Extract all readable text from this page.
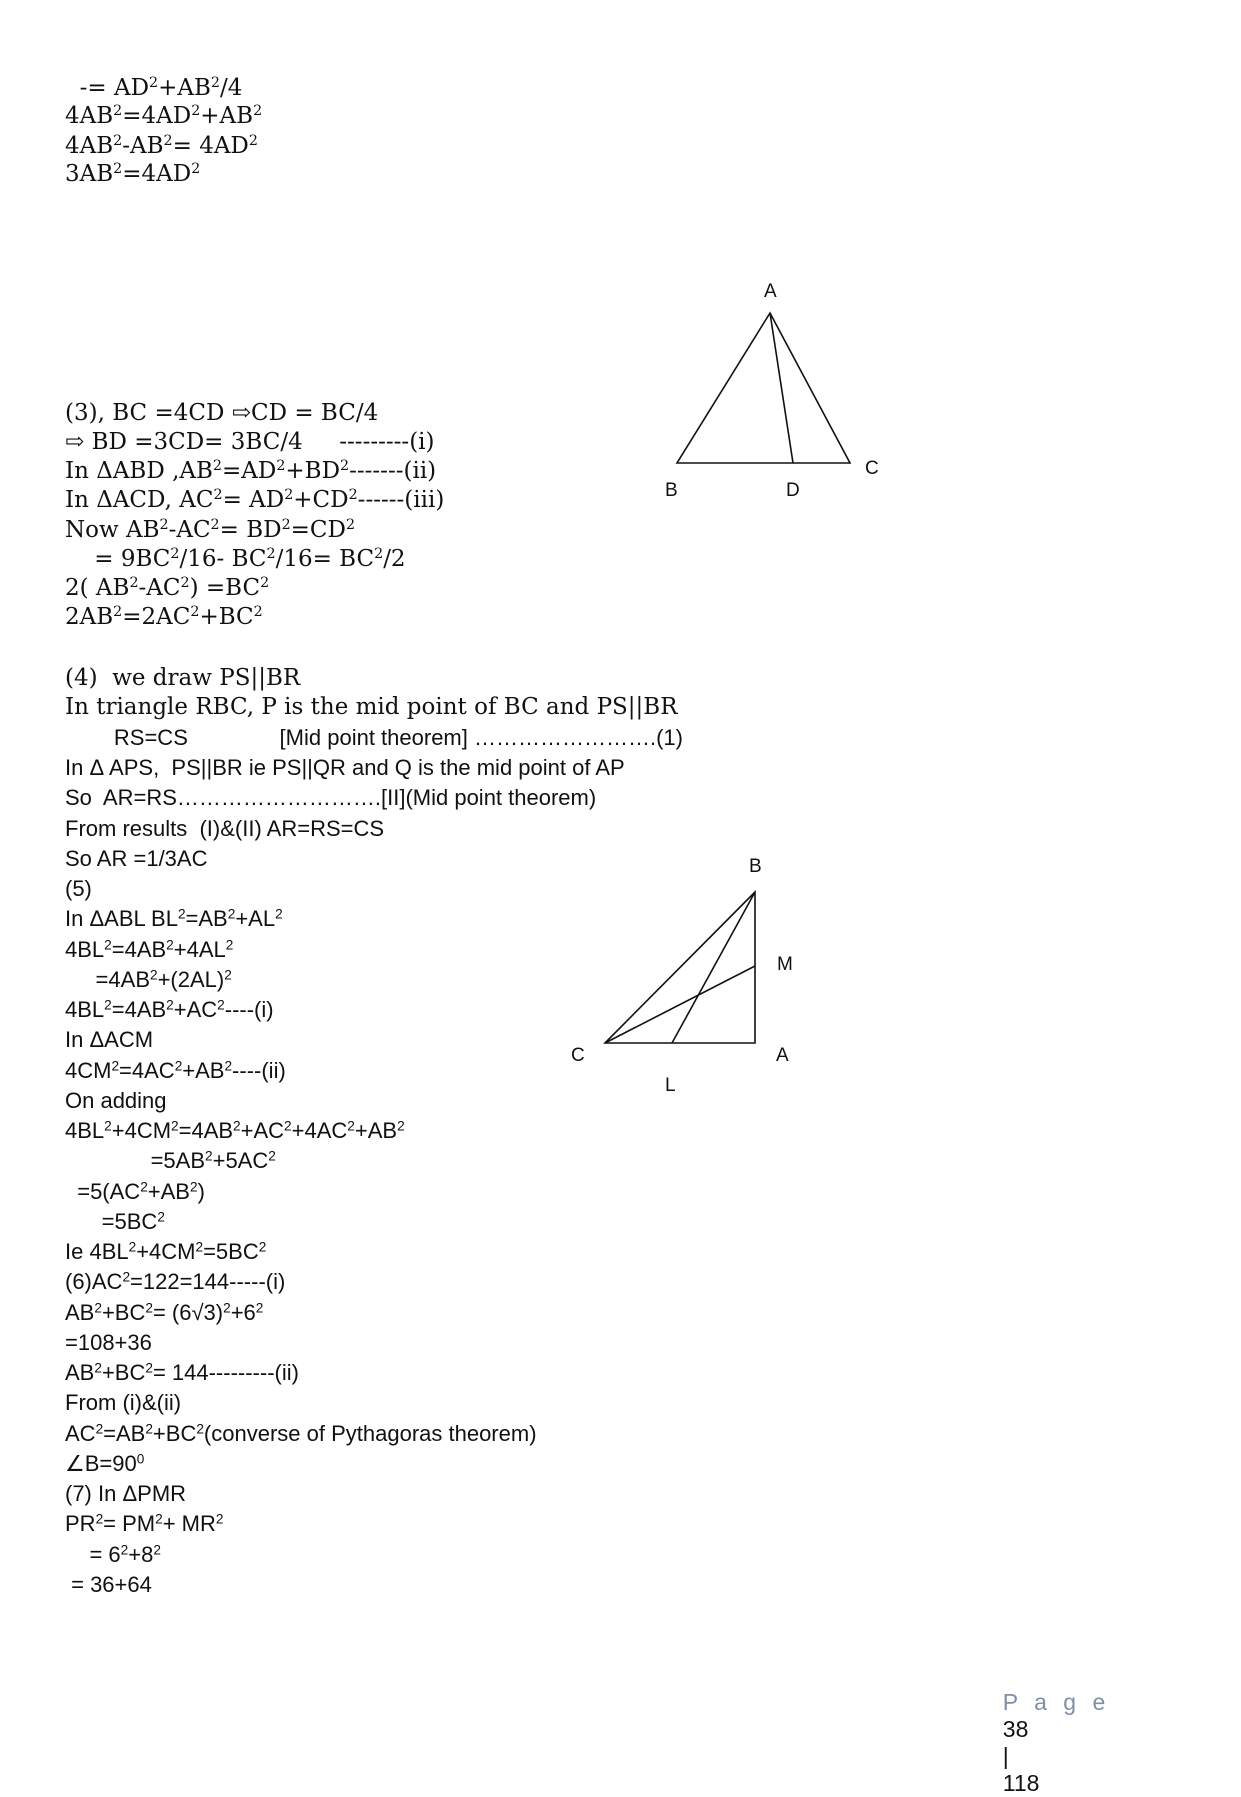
-= $AD^2+AB^2/4$
$4AB^2=4AD^2+AB^2$
$4AB^2-AB^2= 4AD^2$
$3AB^2=4AD^2$
(3), BC =4CD ⇨CD = BC/4
⇨ BD =3CD= 3BC/4     ---------(i)
In ΔABD $,AB^2=AD^2+BD^2-------(ii)$
In ΔACD, $AC^2= AD^2+CD^2------(iii)$
Now $AB^2-AC^2= BD^2=CD^2$
= $9BC^2/16-$ $BC^2/16= BC^2/2$
2( $AB^2-AC^2) =BC^2$
$2AB^2=2AC^2+BC^2$
(4)  we draw PS||BR
In triangle RBC, P is the mid point of BC and PS||BR
RS=CS               [Mid point theorem] …………………….(1)
In Δ APS,  PS||BR ie PS||QR and Q is the mid point of AP
So  AR=RS……………………….[II](Mid point theorem)
From results  (I)&(II) AR=RS=CS
So AR =1/3AC
(5)
In ΔABL $BL^2=AB^2+AL^2$
$4BL^2=4AB^2+4AL^2$
$=4AB^2+(2AL)^2$
$4BL^2=4AB^2+AC^2----(i)$
In ΔACM
$4CM^2=4AC^2+AB^2----(ii)$
On adding
$4BL^2+4CM^2=4AB^2+AC^2+4AC^2+AB^2$
$=5AB^2+5AC^2$
$=5(AC^2+AB^2)$
$=5BC^2$
Ie $4BL^2+4CM^2=5BC^2$
$(6)AC^2=122=144-----(i)$
$AB^2+BC^2= (6√3)^2+6^2$
=108+36
$AB^2+BC^2= 144---------(ii)$
From (i)&(ii)
$AC^2=AB^2+BC^2(converse$ of Pythagoras theorem)
$\angle B=90^0$
(7) In ΔPMR
$PR^2= PM^2+ MR^2$
= $6^2+8^2$
= 36+64
A
B
C
D
B
M
C	A
L

P a g e
38
|
118
